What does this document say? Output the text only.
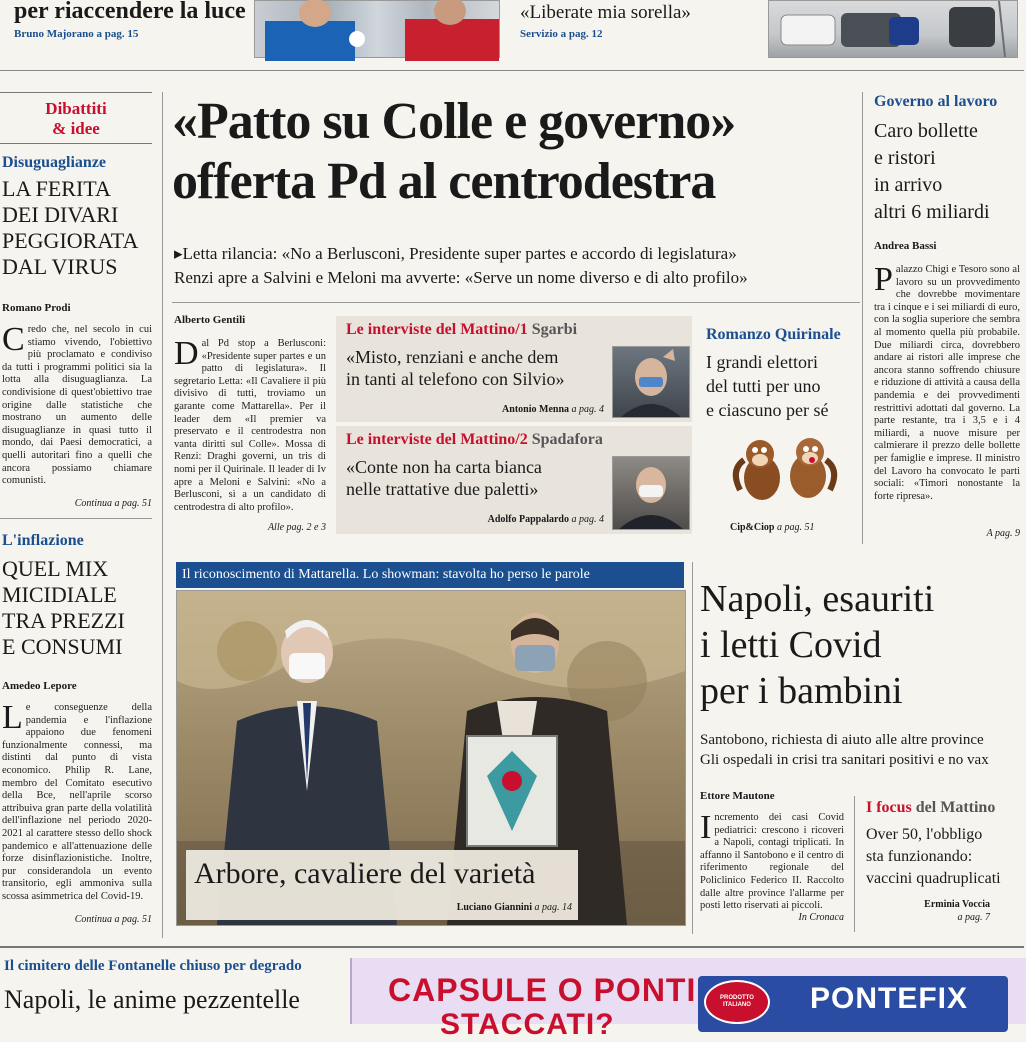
per riaccendere la luce
Bruno Majorano a pag. 15
«Liberate mia sorella»
Servizio a pag. 12
Dibattiti
& idee
Disuguaglianze
LA FERITA
DEI DIVARI
PEGGIORATA
DAL VIRUS
Romano Prodi
Credo che, nel secolo in cui stiamo vivendo, l'obiettivo più proclamato e condiviso da tutti i programmi politici sia la lotta alla disuguaglianza. La condivisione di quest'obiettivo trae origine dalle statistiche che mostrano un aumento delle disuguaglianze in quasi tutto il mondo, dai Paesi democratici, a quelli autoritari fino a quelli che ancora possiamo chiamare comunisti.
Continua a pag. 51
L'inflazione
QUEL MIX
MICIDIALE
TRA PREZZI
E CONSUMI
Amedeo Lepore
Le conseguenze della pandemia e l'inflazione appaiono due fenomeni funzionalmente connessi, ma distinti dal punto di vista economico. Philip R. Lane, membro del Comitato esecutivo della Bce, nell'aprile scorso attribuiva gran parte della volatilità dell'inflazione nel periodo 2020-2021 al carattere stesso dello shock pandemico e all'attenuazione delle forze disinflazionistiche. Inoltre, pur considerandola un evento transitorio, egli ammoniva sulla scossa asimmetrica del Covid-19.
Continua a pag. 51
«Patto su Colle e governo»
offerta Pd al centrodestra
▸Letta rilancia: «No a Berlusconi, Presidente super partes e accordo di legislatura»
Renzi apre a Salvini e Meloni ma avverte: «Serve un nome diverso e di alto profilo»
Alberto Gentili
Dal Pd stop a Berlusconi: «Presidente super partes e un patto di legislatura». Il segretario Letta: «Il Cavaliere il più divisivo di tutti, troviamo un garante come Mattarella». Per il leader dem «Il premier va preservato e il centrodestra non vanta diritti sul Colle». Mossa di Renzi: Draghi governi, un tris di nomi per il Quirinale. Il leader di Iv apre a Meloni e Salvini: «No a Berlusconi, sì a un candidato di centrodestra di alto profilo».
Alle pag. 2 e 3
Le interviste del Mattino/1 Sgarbi
«Misto, renziani e anche dem
in tanti al telefono con Silvio»
Antonio Menna a pag. 4
Le interviste del Mattino/2 Spadafora
«Conte non ha carta bianca
nelle trattative due paletti»
Adolfo Pappalardo a pag. 4
Romanzo Quirinale
I grandi elettori
del tutti per uno
e ciascuno per sé
Cip&Ciop a pag. 51
Governo al lavoro
Caro bollette
e ristori
in arrivo
altri 6 miliardi
Andrea Bassi
Palazzo Chigi e Tesoro sono al lavoro su un provvedimento che dovrebbe movimentare tra i cinque e i sei miliardi di euro, con la soglia superiore che sembra al momento quella più probabile. Due miliardi circa, dovrebbero andare ai ristori alle imprese che ancora stanno soffrendo chiusure e riduzione di attività a causa della pandemia e dei provvedimenti restrittivi adottati dal governo. La parte restante, tra i 3,5 e i 4 miliardi, a nuove misure per calmierare il prezzo delle bollette per famiglie e imprese. Il ministro del Lavoro ha convocato le parti sociali: «Timori nonostante la forte ripresa».
A pag. 9
Il riconoscimento di Mattarella. Lo showman: stavolta ho perso le parole
Arbore, cavaliere del varietà
Luciano Giannini a pag. 14
Napoli, esauriti
i letti Covid
per i bambini
Santobono, richiesta di aiuto alle altre province
Gli ospedali in crisi tra sanitari positivi e no vax
Ettore Mautone
Incremento dei casi Covid pediatrici: crescono i ricoveri a Napoli, contagi triplicati. In affanno il Santobono e il centro di riferimento regionale del Policlinico Federico II. Raccolto dalle altre province l'allarme per posti letto riservati ai piccoli.
In Cronaca
I focus del Mattino
Over 50, l'obbligo
sta funzionando:
vaccini quadruplicati
Erminia Voccia
a pag. 7
Il cimitero delle Fontanelle chiuso per degrado
Napoli, le anime pezzentelle	CAPSULE O PONTI
STACCATI?
PRODOTTO ITALIANO	PONTEFIX
